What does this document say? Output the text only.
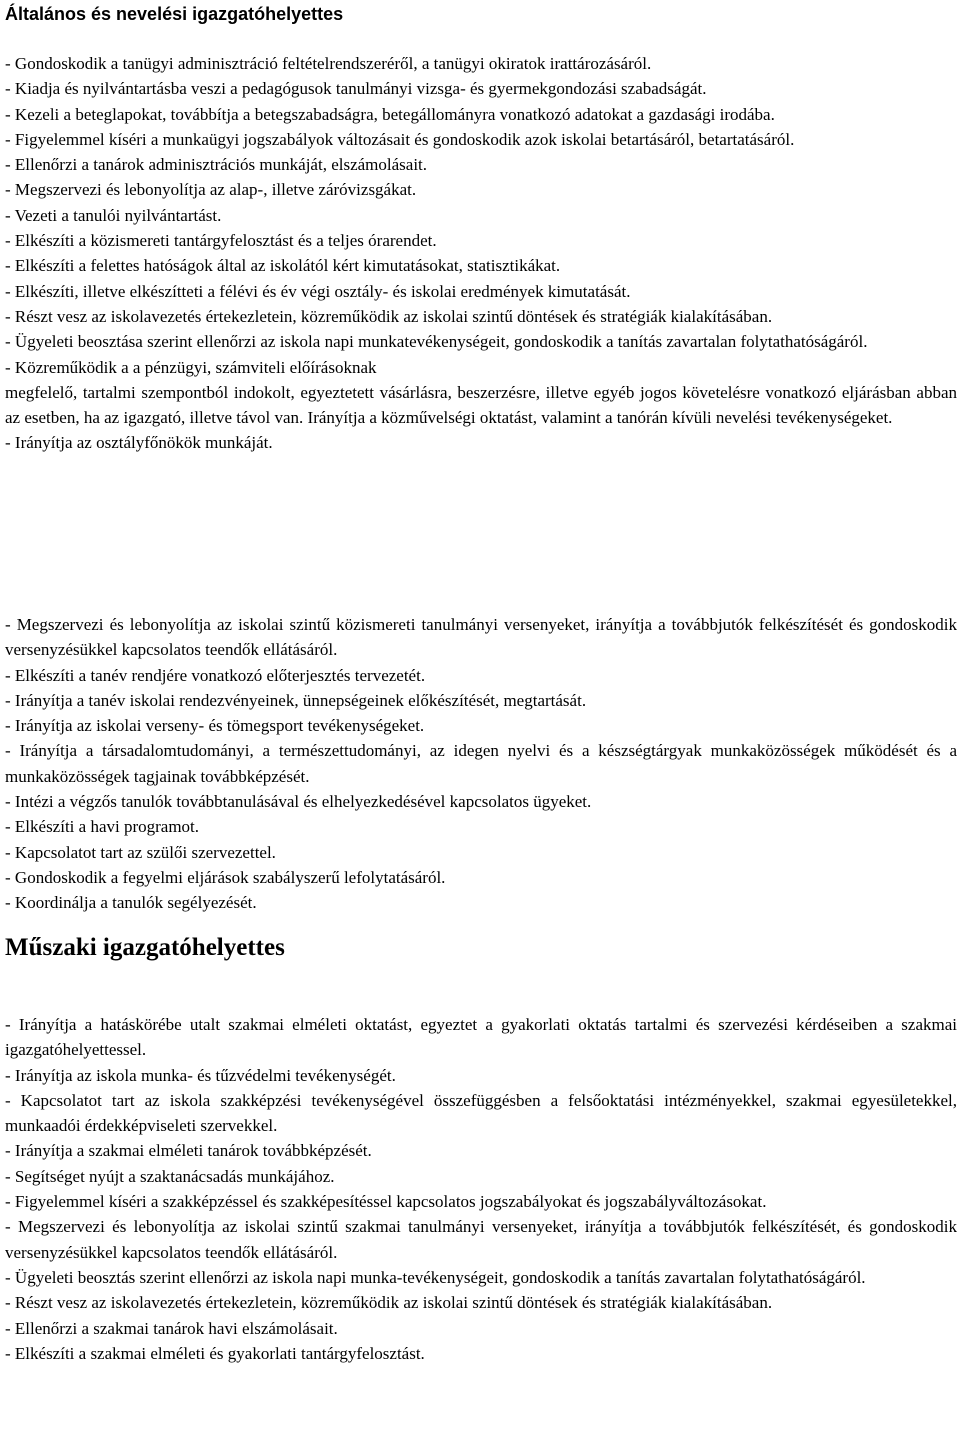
Általános és nevelési igazgatóhelyettes

- Gondoskodik a tanügyi adminisztráció feltételrendszeréről, a tanügyi okiratok irattározásáról.

- Kiadja és nyilvántartásba veszi a pedagógusok tanulmányi vizsga- és gyermekgondozási szabadságát.

- Kezeli a beteglapokat, továbbítja a betegszabadságra, betegállományra vonatkozó adatokat a gazdasági irodába.

- Figyelemmel kíséri a munkaügyi jogszabályok változásait és gondoskodik azok iskolai betartásáról, betartatásáról.

- Ellenőrzi a tanárok adminisztrációs munkáját, elszámolásait.

- Megszervezi és lebonyolítja az alap-, illetve záróvizsgákat.

- Vezeti a tanulói nyilvántartást.

- Elkészíti a közismereti tantárgyfelosztást és a teljes órarendet.

- Elkészíti a felettes hatóságok által az iskolától kért kimutatásokat, statisztikákat.

- Elkészíti, illetve elkészítteti a félévi és év végi osztály- és iskolai eredmények kimutatását.

- Részt vesz az iskolavezetés értekezletein, közreműködik az iskolai szintű döntések és stratégiák kialakításában.

- Ügyeleti beosztása szerint ellenőrzi az iskola napi munkatevékenységeit, gondoskodik a tanítás zavartalan folytathatóságáról.

- Közreműködik a a pénzügyi, számviteli előírásoknak

megfelelő, tartalmi szempontból indokolt, egyeztetett vásárlásra, beszerzésre, illetve egyéb jogos követelésre vonatkozó eljárásban abban az esetben, ha az igazgató, illetve távol van. Irányítja a közművelségi oktatást, valamint a tanórán kívüli nevelési tevékenységeket.

- Irányítja az osztályfőnökök munkáját.

- Megszervezi és lebonyolítja az iskolai szintű közismereti tanulmányi versenyeket, irányítja a továbbjutók felkészítését és gondoskodik versenyzésükkel kapcsolatos teendők ellátásáról.

- Elkészíti a tanév rendjére vonatkozó előterjesztés tervezetét.

- Irányítja a tanév iskolai rendezvényeinek, ünnepségeinek előkészítését, megtartását.

- Irányítja az iskolai verseny- és tömegsport tevékenységeket.

- Irányítja a társadalomtudományi, a természettudományi, az idegen nyelvi és a készségtárgyak munkaközösségek működését és a munkaközösségek tagjainak továbbképzését.

- Intézi a végzős tanulók továbbtanulásával és elhelyezkedésével kapcsolatos ügyeket.

- Elkészíti a havi programot.

- Kapcsolatot tart az szülői szervezettel.

- Gondoskodik a fegyelmi eljárások szabályszerű lefolytatásáról.

- Koordinálja a tanulók segélyezését.

Műszaki igazgatóhelyettes

- Irányítja a hatáskörébe utalt szakmai elméleti oktatást, egyeztet a gyakorlati oktatás tartalmi és szervezési kérdéseiben a szakmai igazgatóhelyettessel.

- Irányítja az iskola munka- és tűzvédelmi tevékenységét.

- Kapcsolatot tart az iskola szakképzési tevékenységével összefüggésben a felsőoktatási intézményekkel, szakmai egyesületekkel, munkaadói érdekképviseleti szervekkel.

- Irányítja a szakmai elméleti tanárok továbbképzését.

- Segítséget nyújt a szaktanácsadás munkájához.

- Figyelemmel kíséri a szakképzéssel és szakképesítéssel kapcsolatos jogszabályokat és jogszabályváltozásokat.

- Megszervezi és lebonyolítja az iskolai szintű szakmai tanulmányi versenyeket, irányítja a továbbjutók felkészítését, és gondoskodik versenyzésükkel kapcsolatos teendők ellátásáról.

- Ügyeleti beosztás szerint ellenőrzi az iskola napi munka-tevékenységeit, gondoskodik a tanítás zavartalan folytathatóságáról.

- Részt vesz az iskolavezetés értekezletein, közreműködik az iskolai szintű döntések és stratégiák kialakításában.

- Ellenőrzi a szakmai tanárok havi elszámolásait.

- Elkészíti a szakmai elméleti és gyakorlati tantárgyfelosztást.
